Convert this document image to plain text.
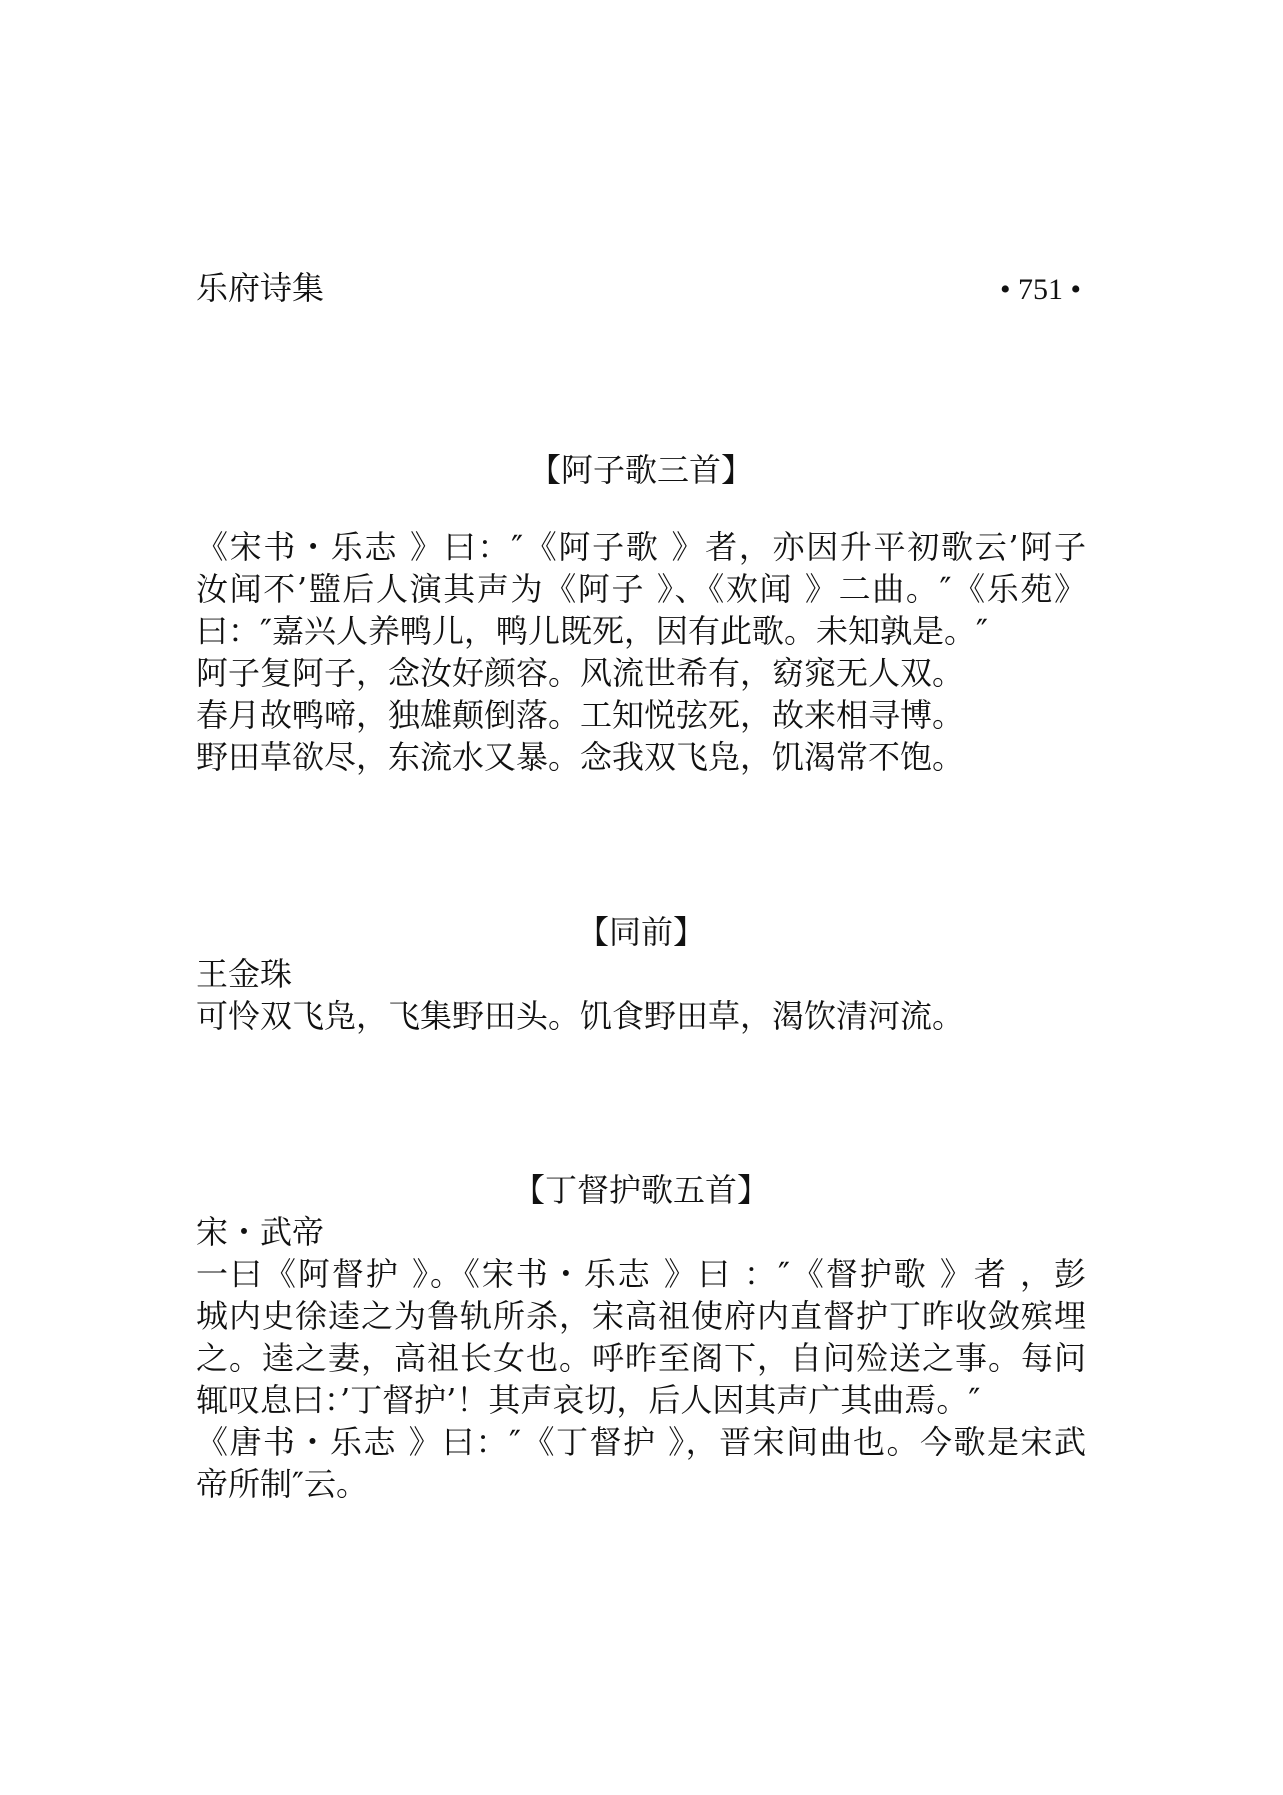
乐府诗集	• 751 •
【阿子歌三首】
《宋书・乐志 》曰：″《阿子歌 》者，亦因升平初歌云’阿子
汝闻不’盬后人演其声为《阿子 》、《欢闻 》二曲。″《乐苑》
曰：″嘉兴人养鸭儿，鸭儿既死，因有此歌。未知孰是。″
阿子复阿子，念汝好颜容。风流世希有，窈窕无人双。
春月故鸭啼，独雄颠倒落。工知悦弦死，故来相寻博。
野田草欲尽，东流水又暴。念我双飞凫，饥渴常不饱。
【同前】
王金珠
可怜双飞凫，飞集野田头。饥食野田草，渴饮清河流。
【丁督护歌五首】
宋・武帝
一曰《阿督护 》。《宋书・乐志 》曰 ：″《督护歌 》者 ，彭
城内史徐逵之为鲁轨所杀，宋高祖使府内直督护丁昨收敛殡埋
之。逵之妻，高祖长女也。呼昨至阁下，自问殓送之事。每问
辄叹息曰：’丁督护’！其声哀切，后人因其声广其曲焉。″
《唐书・乐志 》曰：″《丁督护 》，晋宋间曲也。今歌是宋武
帝所制″云。
